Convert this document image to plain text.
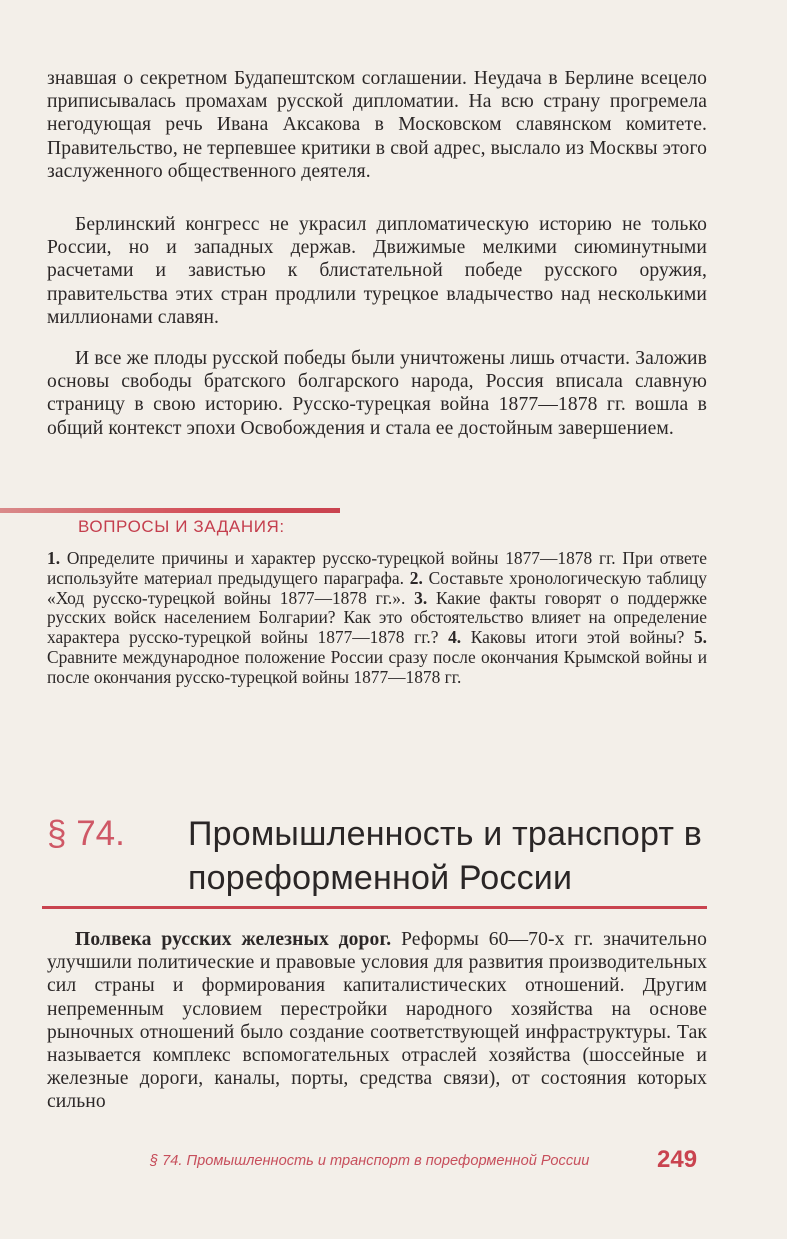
знавшая о секретном Будапештском соглашении. Неудача в Берлине всецело приписывалась промахам русской дипломатии. На всю страну прогремела негодующая речь Ивана Аксакова в Московском славянском комитете. Правительство, не терпевшее критики в свой адрес, выслало из Москвы этого заслуженного общественного деятеля.

Берлинский конгресс не украсил дипломатическую историю не только России, но и западных держав. Движимые мелкими сиюминутными расчетами и завистью к блистательной победе русского оружия, правительства этих стран продлили турецкое владычество над несколькими миллионами славян.

И все же плоды русской победы были уничтожены лишь отчасти. Заложив основы свободы братского болгарского народа, Россия вписала славную страницу в свою историю. Русско-турецкая война 1877—1878 гг. вошла в общий контекст эпохи Освобождения и стала ее достойным завершением.

ВОПРОСЫ И ЗАДАНИЯ:

1. Определите причины и характер русско-турецкой войны 1877—1878 гг. При ответе используйте материал предыдущего параграфа. 2. Составьте хронологическую таблицу «Ход русско-турецкой войны 1877—1878 гг.». 3. Какие факты говорят о поддержке русских войск населением Болгарии? Как это обстоятельство влияет на определение характера русско-турецкой войны 1877—1878 гг.? 4. Каковы итоги этой войны? 5. Сравните международное положение России сразу после окончания Крымской войны и после окончания русско-турецкой войны 1877—1878 гг.

§ 74. Промышленность и транспорт в пореформенной России

Полвека русских железных дорог. Реформы 60—70-х гг. значительно улучшили политические и правовые условия для развития производительных сил страны и формирования капиталистических отношений. Другим непременным условием перестройки народного хозяйства на основе рыночных отношений было создание соответствующей инфраструктуры. Так называется комплекс вспомогательных отраслей хозяйства (шоссейные и железные дороги, каналы, порты, средства связи), от состояния которых сильно

§ 74. Промышленность и транспорт в пореформенной России	249
